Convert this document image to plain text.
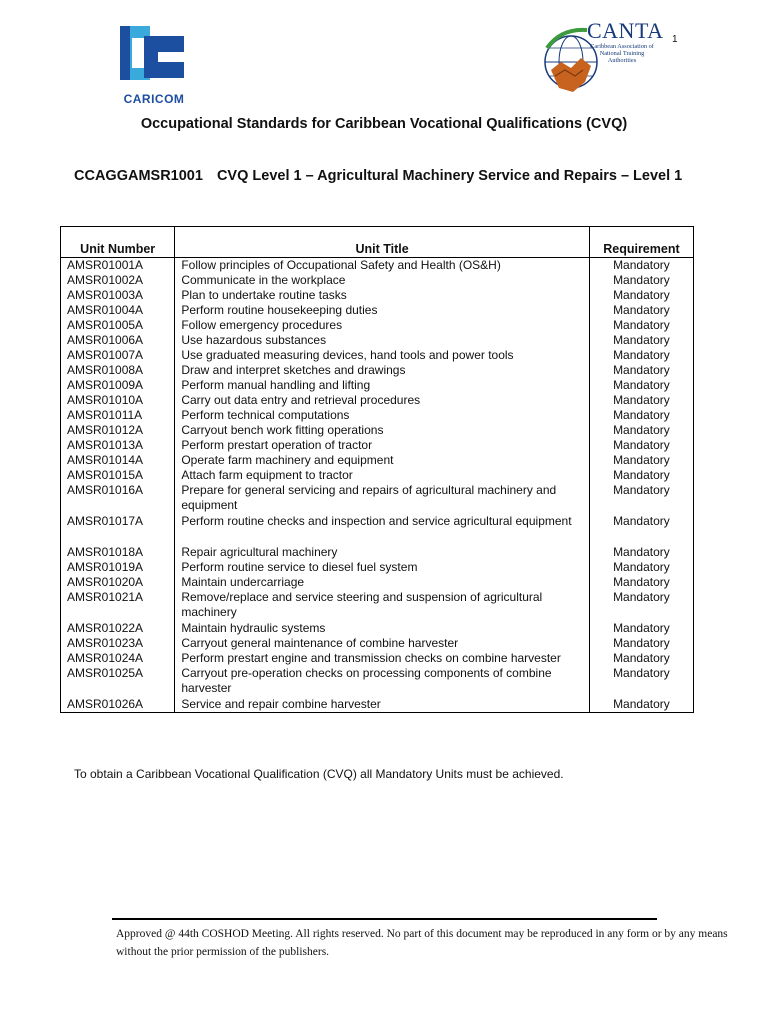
1
CARICOM
CANTA
Caribbean Association of National Training Authorities
Occupational Standards for Caribbean Vocational Qualifications (CVQ)
CCAGGAMSR1001 CVQ Level 1 – Agricultural Machinery Service and Repairs – Level 1
Unit Number	Unit Title	Requirement
AMSR01001A	Follow principles of Occupational Safety and Health (OS&H)	Mandatory
AMSR01002A	Communicate in the workplace	Mandatory
AMSR01003A	Plan to undertake routine tasks	Mandatory
AMSR01004A	Perform routine housekeeping duties	Mandatory
AMSR01005A	Follow emergency procedures	Mandatory
AMSR01006A	Use hazardous substances	Mandatory
AMSR01007A	Use graduated measuring devices, hand tools and power tools	Mandatory
AMSR01008A	Draw and interpret sketches and drawings	Mandatory
AMSR01009A	Perform manual handling and lifting	Mandatory
AMSR01010A	Carry out data entry and retrieval procedures	Mandatory
AMSR01011A	Perform technical computations	Mandatory
AMSR01012A	Carryout bench work fitting operations	Mandatory
AMSR01013A	Perform prestart operation of tractor	Mandatory
AMSR01014A	Operate farm machinery and equipment	Mandatory
AMSR01015A	Attach farm equipment to tractor	Mandatory
AMSR01016A	Prepare for general servicing and repairs of agricultural machinery and equipment	Mandatory
AMSR01017A	Perform routine checks and inspection and service agricultural equipment	Mandatory
AMSR01018A	Repair agricultural machinery	Mandatory
AMSR01019A	Perform routine service to diesel fuel system	Mandatory
AMSR01020A	Maintain undercarriage	Mandatory
AMSR01021A	Remove/replace and service steering and suspension of agricultural machinery	Mandatory
AMSR01022A	Maintain hydraulic systems	Mandatory
AMSR01023A	Carryout general maintenance of combine harvester	Mandatory
AMSR01024A	Perform prestart engine and transmission checks on combine harvester	Mandatory
AMSR01025A	Carryout pre-operation checks on processing components of combine harvester	Mandatory
AMSR01026A	Service and repair combine harvester	Mandatory

To obtain a Caribbean Vocational Qualification (CVQ) all Mandatory Units must be achieved.

Approved @ 44th COSHOD Meeting. All rights reserved. No part of this document may be reproduced in any form or by any means without the prior permission of the publishers.
